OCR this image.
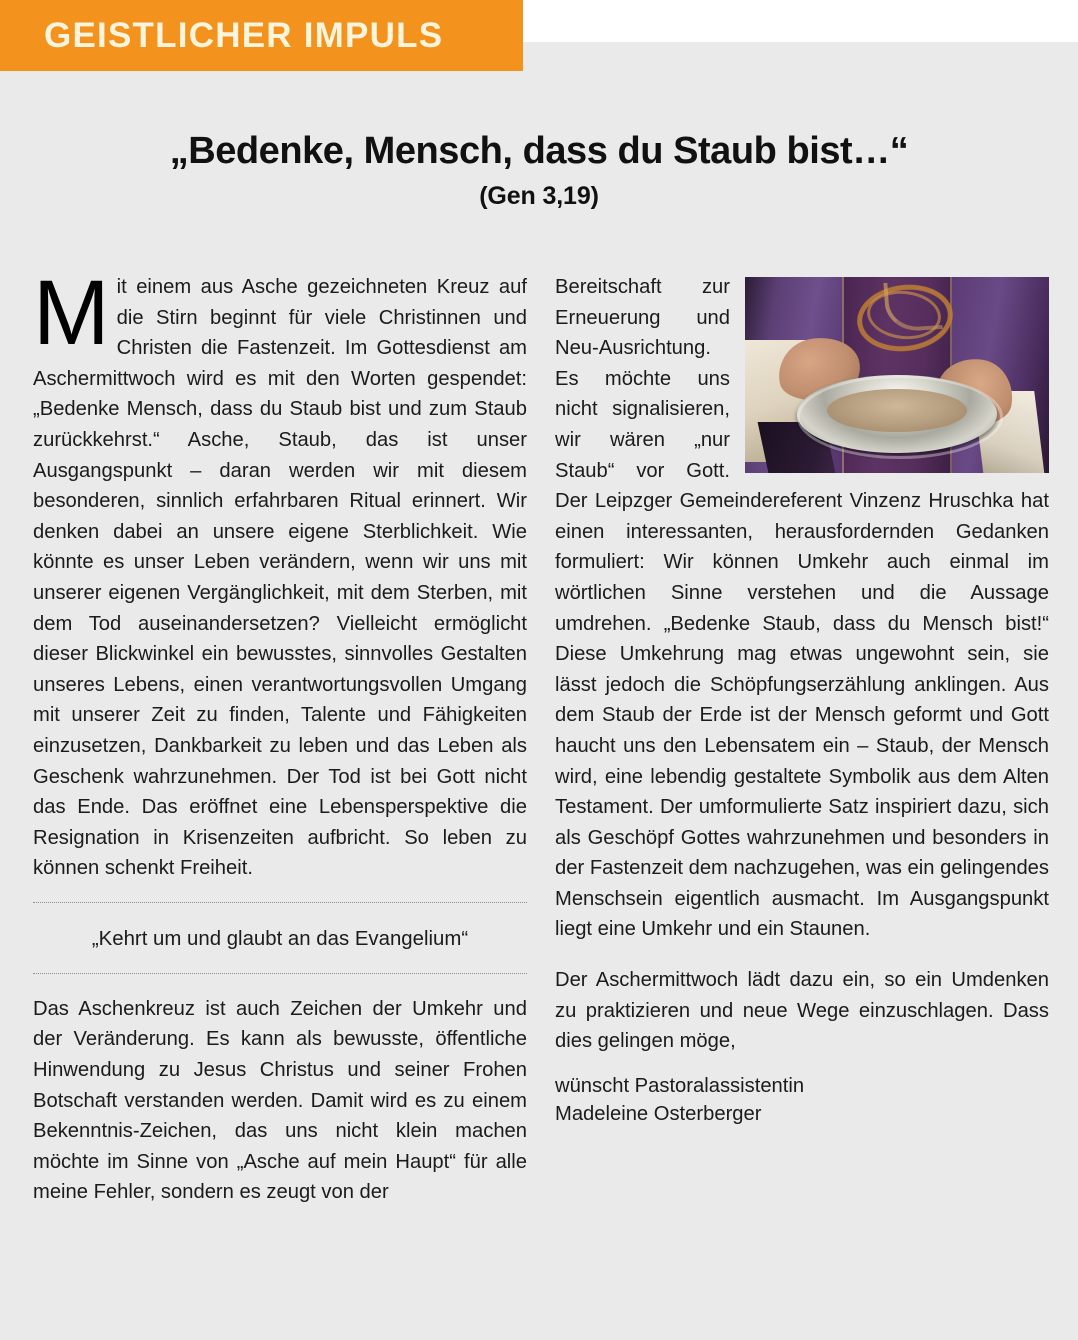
GEISTLICHER IMPULS
„Bedenke, Mensch, dass du Staub bist…“
(Gen 3,19)

Mit einem aus Asche gezeichneten Kreuz auf die Stirn beginnt für viele Christinnen und Christen die Fastenzeit. Im Gottesdienst am Aschermittwoch wird es mit den Worten gespendet: „Bedenke Mensch, dass du Staub bist und zum Staub zurückkehrst.“ Asche, Staub, das ist unser Ausgangspunkt – daran werden wir mit diesem besonderen, sinnlich erfahrbaren Ritual erinnert. Wir denken dabei an unsere eigene Sterblichkeit. Wie könnte es unser Leben verändern, wenn wir uns mit unserer eigenen Vergänglichkeit, mit dem Sterben, mit dem Tod auseinandersetzen? Vielleicht ermöglicht dieser Blickwinkel ein bewusstes, sinnvolles Gestalten unseres Lebens, einen verantwortungsvollen Umgang mit unserer Zeit zu finden, Talente und Fähigkeiten einzusetzen, Dankbarkeit zu leben und das Leben als Geschenk wahrzunehmen. Der Tod ist bei Gott nicht das Ende. Das eröffnet eine Lebensperspektive die Resignation in Krisenzeiten aufbricht. So leben zu können schenkt Freiheit.

„Kehrt um und glaubt an das Evangelium“

Das Aschenkreuz ist auch Zeichen der Umkehr und der Veränderung. Es kann als bewusste, öffentliche Hinwendung zu Jesus Christus und seiner Frohen Botschaft verstanden werden. Damit wird es zu einem Bekenntnis-Zeichen, das uns nicht klein machen möchte im Sinne von „Asche auf mein Haupt“ für alle meine Fehler, sondern es zeugt von der

Bereitschaft zur Erneuerung und Neu-Ausrichtung. Es möchte uns nicht signalisieren, wir wären „nur Staub“ vor Gott. Der Leipzger Gemeindereferent Vinzenz Hruschka hat einen interessanten, herausfordernden Gedanken formuliert: Wir können Umkehr auch einmal im wörtlichen Sinne verstehen und die Aussage umdrehen. „Bedenke Staub, dass du Mensch bist!“ Diese Umkehrung mag etwas ungewohnt sein, sie lässt jedoch die Schöpfungserzählung anklingen. Aus dem Staub der Erde ist der Mensch geformt und Gott haucht uns den Lebensatem ein – Staub, der Mensch wird, eine lebendig gestaltete Symbolik aus dem Alten Testament. Der umformulierte Satz inspiriert dazu, sich als Geschöpf Gottes wahrzunehmen und besonders in der Fastenzeit dem nachzugehen, was ein gelingendes Menschsein eigentlich ausmacht. Im Ausgangspunkt liegt eine Umkehr und ein Staunen.

Der Aschermittwoch lädt dazu ein, so ein Umdenken zu praktizieren und neue Wege einzuschlagen. Dass dies gelingen möge,

wünscht Pastoralassistentin
Madeleine Osterberger
